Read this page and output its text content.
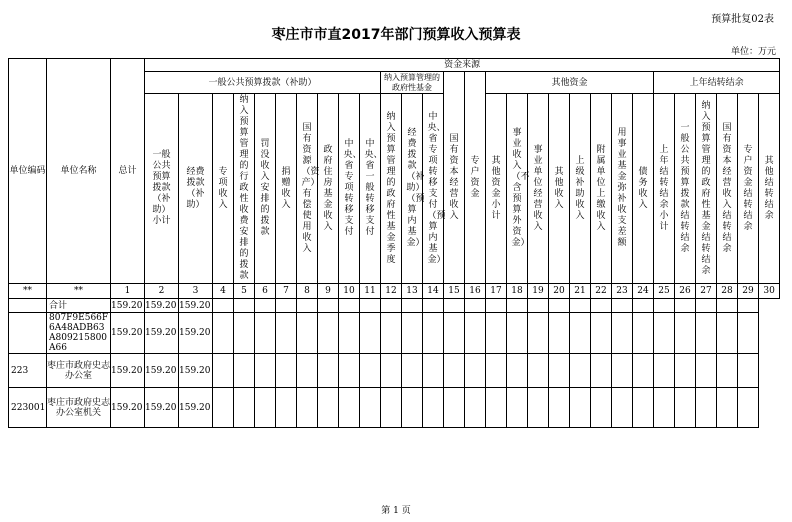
预算批复02表
枣庄市市直2017年部门预算收入预算表
单位：万元
单位编码	单位名称	总计	资金来源																												
			一般公共预算拨款（补助）										纳入预算管理的政府性基金			国有资本经营收入	专户资金	其他资金								上年结转结余					

			一般公共预算拨款（补助）小计	经费拨款（补助）	专项收入	纳入预算管理的行政性收费安排的拨款	罚没收入安排的拨款	捐赠收入	国有资源（资产）有偿使用收入	政府住房基金收入	中央、省专项转移支付	中央、省一般转移支付	纳入预算管理的政府性基金季度	经费拨款（补助）（预算内基金）	中央、省专项转移支付（预算内基金）			其他资金小计	事业收入（不含预算外资金）	事业单位经营收入	其他收入	上级补助收入	附属单位上缴收入	用事业基金弥补收支差额	债务收入	上年结转结余小计	一般公共预算拨款结转结余	纳入预算管理的政府性基金结转结余	国有资本经营收入结转结余	专户资金结转结余	其他结转结余

**	**	1	2	3	4	5	6	7	8	9	10	11	12	13	14	15	16	17	18	19	20	21	22	23	24	25	26	27	28	29	30
	合计	159.20	159.20	159.20																											
	807F9E566F6A48ADB63A809215800A66	159.20	159.20	159.20																											
223	枣庄市政府史志办公室	159.20	159.20	159.20																											
223001	枣庄市政府史志办公室机关	159.20	159.20	159.20																											
第 1 页
